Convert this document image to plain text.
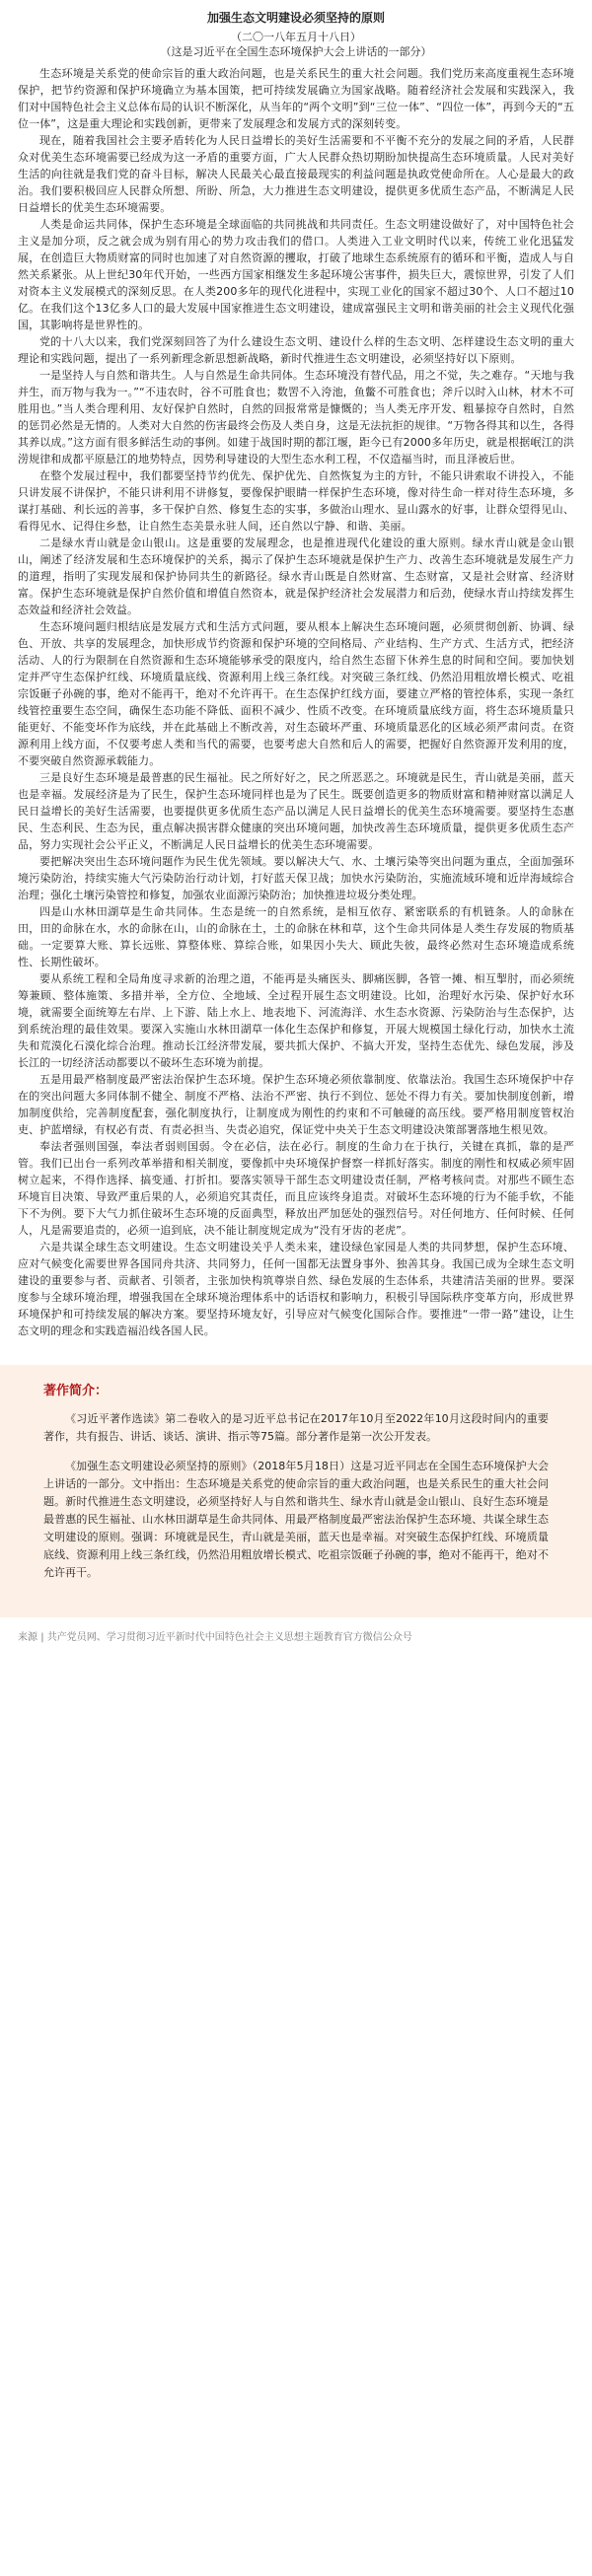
加强生态文明建设必须坚持的原则
（二〇一八年五月十八日）
（这是习近平在全国生态环境保护大会上讲话的一部分）

生态环境是关系党的使命宗旨的重大政治问题，也是关系民生的重大社会问题。我们党历来高度重视生态环境保护，把节约资源和保护环境确立为基本国策，把可持续发展确立为国家战略。随着经济社会发展和实践深入，我们对中国特色社会主义总体布局的认识不断深化，从当年的“两个文明”到“三位一体”、“四位一体”，再到今天的“五位一体”，这是重大理论和实践创新，更带来了发展理念和发展方式的深刻转变。

现在，随着我国社会主要矛盾转化为人民日益增长的美好生活需要和不平衡不充分的发展之间的矛盾，人民群众对优美生态环境需要已经成为这一矛盾的重要方面，广大人民群众热切期盼加快提高生态环境质量。人民对美好生活的向往就是我们党的奋斗目标，解决人民最关心最直接最现实的利益问题是执政党使命所在。人心是最大的政治。我们要积极回应人民群众所想、所盼、所急，大力推进生态文明建设，提供更多优质生态产品，不断满足人民日益增长的优美生态环境需要。

人类是命运共同体，保护生态环境是全球面临的共同挑战和共同责任。生态文明建设做好了，对中国特色社会主义是加分项，反之就会成为别有用心的势力攻击我们的借口。人类进入工业文明时代以来，传统工业化迅猛发展，在创造巨大物质财富的同时也加速了对自然资源的攫取，打破了地球生态系统原有的循环和平衡，造成人与自然关系紧张。从上世纪30年代开始，一些西方国家相继发生多起环境公害事件，损失巨大，震惊世界，引发了人们对资本主义发展模式的深刻反思。在人类200多年的现代化进程中，实现工业化的国家不超过30个、人口不超过10亿。在我们这个13亿多人口的最大发展中国家推进生态文明建设，建成富强民主文明和谐美丽的社会主义现代化强国，其影响将是世界性的。

党的十八大以来，我们党深刻回答了为什么建设生态文明、建设什么样的生态文明、怎样建设生态文明的重大理论和实践问题，提出了一系列新理念新思想新战略，新时代推进生态文明建设，必须坚持好以下原则。

一是坚持人与自然和谐共生。人与自然是生命共同体。生态环境没有替代品，用之不觉，失之难存。“天地与我并生，而万物与我为一。”“不违农时，谷不可胜食也；数罟不入洿池，鱼鳖不可胜食也；斧斤以时入山林，材木不可胜用也。”当人类合理利用、友好保护自然时，自然的回报常常是慷慨的；当人类无序开发、粗暴掠夺自然时，自然的惩罚必然是无情的。人类对大自然的伤害最终会伤及人类自身，这是无法抗拒的规律。“万物各得其和以生，各得其养以成。”这方面有很多鲜活生动的事例。如建于战国时期的都江堰，距今已有2000多年历史，就是根据岷江的洪涝规律和成都平原悬江的地势特点，因势利导建设的大型生态水利工程，不仅造福当时，而且泽被后世。

在整个发展过程中，我们都要坚持节约优先、保护优先、自然恢复为主的方针，不能只讲索取不讲投入，不能只讲发展不讲保护，不能只讲利用不讲修复，要像保护眼睛一样保护生态环境，像对待生命一样对待生态环境，多谋打基础、利长远的善事，多干保护自然、修复生态的实事，多做治山理水、显山露水的好事，让群众望得见山、看得见水、记得住乡愁，让自然生态美景永驻人间，还自然以宁静、和谐、美丽。

二是绿水青山就是金山银山。这是重要的发展理念，也是推进现代化建设的重大原则。绿水青山就是金山银山，阐述了经济发展和生态环境保护的关系，揭示了保护生态环境就是保护生产力、改善生态环境就是发展生产力的道理，指明了实现发展和保护协同共生的新路径。绿水青山既是自然财富、生态财富，又是社会财富、经济财富。保护生态环境就是保护自然价值和增值自然资本，就是保护经济社会发展潜力和后劲，使绿水青山持续发挥生态效益和经济社会效益。

生态环境问题归根结底是发展方式和生活方式问题，要从根本上解决生态环境问题，必须贯彻创新、协调、绿色、开放、共享的发展理念，加快形成节约资源和保护环境的空间格局、产业结构、生产方式、生活方式，把经济活动、人的行为限制在自然资源和生态环境能够承受的限度内，给自然生态留下休养生息的时间和空间。要加快划定并严守生态保护红线、环境质量底线、资源利用上线三条红线。对突破三条红线、仍然沿用粗放增长模式、吃祖宗饭砸子孙碗的事，绝对不能再干，绝对不允许再干。在生态保护红线方面，要建立严格的管控体系，实现一条红线管控重要生态空间，确保生态功能不降低、面积不减少、性质不改变。在环境质量底线方面，将生态环境质量只能更好、不能变坏作为底线，并在此基础上不断改善，对生态破坏严重、环境质量恶化的区域必须严肃问责。在资源利用上线方面，不仅要考虑人类和当代的需要，也要考虑大自然和后人的需要，把握好自然资源开发利用的度，不要突破自然资源承载能力。

三是良好生态环境是最普惠的民生福祉。民之所好好之，民之所恶恶之。环境就是民生，青山就是美丽，蓝天也是幸福。发展经济是为了民生，保护生态环境同样也是为了民生。既要创造更多的物质财富和精神财富以满足人民日益增长的美好生活需要，也要提供更多优质生态产品以满足人民日益增长的优美生态环境需要。要坚持生态惠民、生态利民、生态为民，重点解决损害群众健康的突出环境问题，加快改善生态环境质量，提供更多优质生态产品，努力实现社会公平正义，不断满足人民日益增长的优美生态环境需要。

要把解决突出生态环境问题作为民生优先领域。要以解决大气、水、土壤污染等突出问题为重点，全面加强环境污染防治，持续实施大气污染防治行动计划，打好蓝天保卫战；加快水污染防治，实施流域环境和近岸海域综合治理；强化土壤污染管控和修复，加强农业面源污染防治；加快推进垃圾分类处理。

四是山水林田湖草是生命共同体。生态是统一的自然系统，是相互依存、紧密联系的有机链条。人的命脉在田，田的命脉在水，水的命脉在山，山的命脉在土，土的命脉在林和草，这个生命共同体是人类生存发展的物质基础。一定要算大账、算长远账、算整体账、算综合账，如果因小失大、顾此失彼，最终必然对生态环境造成系统性、长期性破坏。

要从系统工程和全局角度寻求新的治理之道，不能再是头痛医头、脚痛医脚，各管一摊、相互掣肘，而必须统筹兼顾、整体施策、多措并举，全方位、全地域、全过程开展生态文明建设。比如，治理好水污染、保护好水环境，就需要全面统筹左右岸、上下游、陆上水上、地表地下、河流海洋、水生态水资源、污染防治与生态保护，达到系统治理的最佳效果。要深入实施山水林田湖草一体化生态保护和修复，开展大规模国土绿化行动，加快水土流失和荒漠化石漠化综合治理。推动长江经济带发展，要共抓大保护、不搞大开发，坚持生态优先、绿色发展，涉及长江的一切经济活动都要以不破坏生态环境为前提。

五是用最严格制度最严密法治保护生态环境。保护生态环境必须依靠制度、依靠法治。我国生态环境保护中存在的突出问题大多同体制不健全、制度不严格、法治不严密、执行不到位、惩处不得力有关。要加快制度创新，增加制度供给，完善制度配套，强化制度执行，让制度成为刚性的约束和不可触碰的高压线。要严格用制度管权治吏、护蓝增绿，有权必有责、有责必担当、失责必追究，保证党中央关于生态文明建设决策部署落地生根见效。

奉法者强则国强，奉法者弱则国弱。令在必信，法在必行。制度的生命力在于执行，关键在真抓，靠的是严管。我们已出台一系列改革举措和相关制度，要像抓中央环境保护督察一样抓好落实。制度的刚性和权威必须牢固树立起来，不得作选择、搞变通、打折扣。要落实领导干部生态文明建设责任制，严格考核问责。对那些不顾生态环境盲目决策、导致严重后果的人，必须追究其责任，而且应该终身追责。对破坏生态环境的行为不能手软，不能下不为例。要下大气力抓住破坏生态环境的反面典型，释放出严加惩处的强烈信号。对任何地方、任何时候、任何人，凡是需要追责的，必须一追到底，决不能让制度规定成为“没有牙齿的老虎”。

六是共谋全球生态文明建设。生态文明建设关乎人类未来，建设绿色家园是人类的共同梦想，保护生态环境、应对气候变化需要世界各国同舟共济、共同努力，任何一国都无法置身事外、独善其身。我国已成为全球生态文明建设的重要参与者、贡献者、引领者，主张加快构筑尊崇自然、绿色发展的生态体系，共建清洁美丽的世界。要深度参与全球环境治理，增强我国在全球环境治理体系中的话语权和影响力，积极引导国际秩序变革方向，形成世界环境保护和可持续发展的解决方案。要坚持环境友好，引导应对气候变化国际合作。要推进“一带一路”建设，让生态文明的理念和实践造福沿线各国人民。

著作简介：

《习近平著作选读》第二卷收入的是习近平总书记在2017年10月至2022年10月这段时间内的重要著作，共有报告、讲话、谈话、演讲、指示等75篇。部分著作是第一次公开发表。

《加强生态文明建设必须坚持的原则》（2018年5月18日）这是习近平同志在全国生态环境保护大会上讲话的一部分。文中指出：生态环境是关系党的使命宗旨的重大政治问题，也是关系民生的重大社会问题。新时代推进生态文明建设，必须坚持好人与自然和谐共生、绿水青山就是金山银山、良好生态环境是最普惠的民生福祉、山水林田湖草是生命共同体、用最严格制度最严密法治保护生态环境、共谋全球生态文明建设的原则。强调：环境就是民生，青山就是美丽，蓝天也是幸福。对突破生态保护红线、环境质量底线、资源利用上线三条红线，仍然沿用粗放增长模式、吃祖宗饭砸子孙碗的事，绝对不能再干，绝对不允许再干。

来源 | 共产党员网、学习贯彻习近平新时代中国特色社会主义思想主题教育官方微信公众号
